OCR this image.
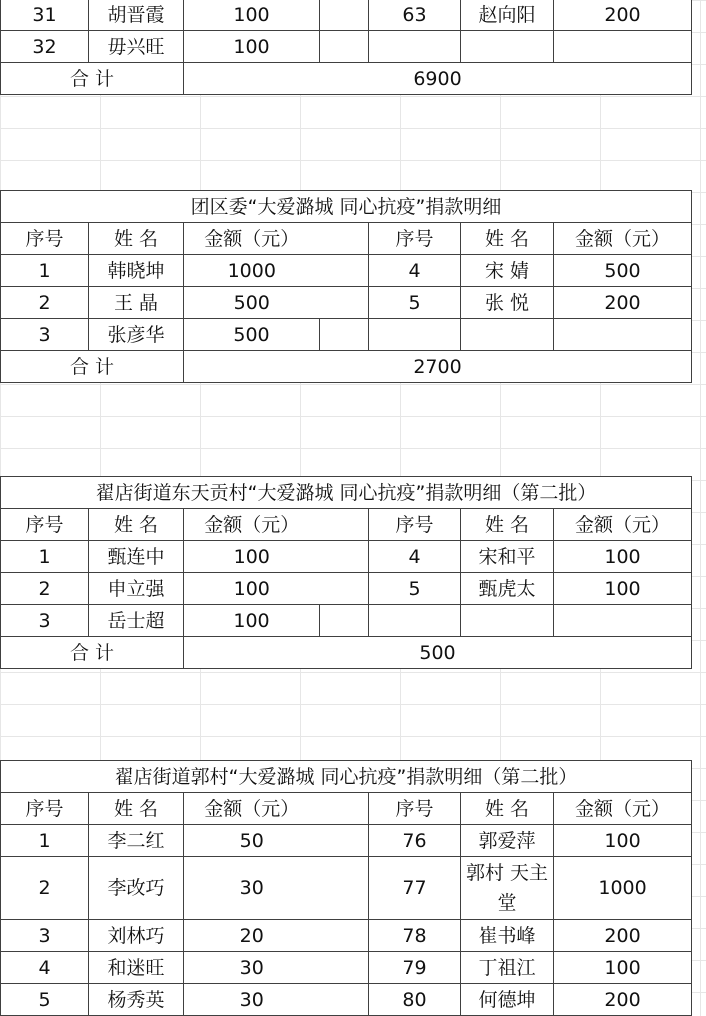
31	胡晋霞	100		63	赵向阳	200
32	毋兴旺	100				
合 计		6900				
团区委“大爱潞城 同心抗疫”捐款明细						
序号	姓 名	金额（元）		序号	姓 名	金额（元）
1	韩晓坤	1000		4	宋 婧	500
2	王 晶	500		5	张 悦	200
3	张彦华	500				
合 计		2700				
翟店街道东天贡村“大爱潞城 同心抗疫”捐款明细（第二批）						
序号	姓 名	金额（元）		序号	姓 名	金额（元）
1	甄连中	100		4	宋和平	100
2	申立强	100		5	甄虎太	100
3	岳士超	100				
合 计		500				
翟店街道郭村“大爱潞城 同心抗疫”捐款明细（第二批）						
序号	姓 名	金额（元）		序号	姓 名	金额（元）
1	李二红	50		76	郭爱萍	100
2	李改巧	30		77	郭村 天主堂	1000
3	刘林巧	20		78	崔书峰	200
4	和迷旺	30		79	丁祖江	100
5	杨秀英	30		80	何德坤	200
